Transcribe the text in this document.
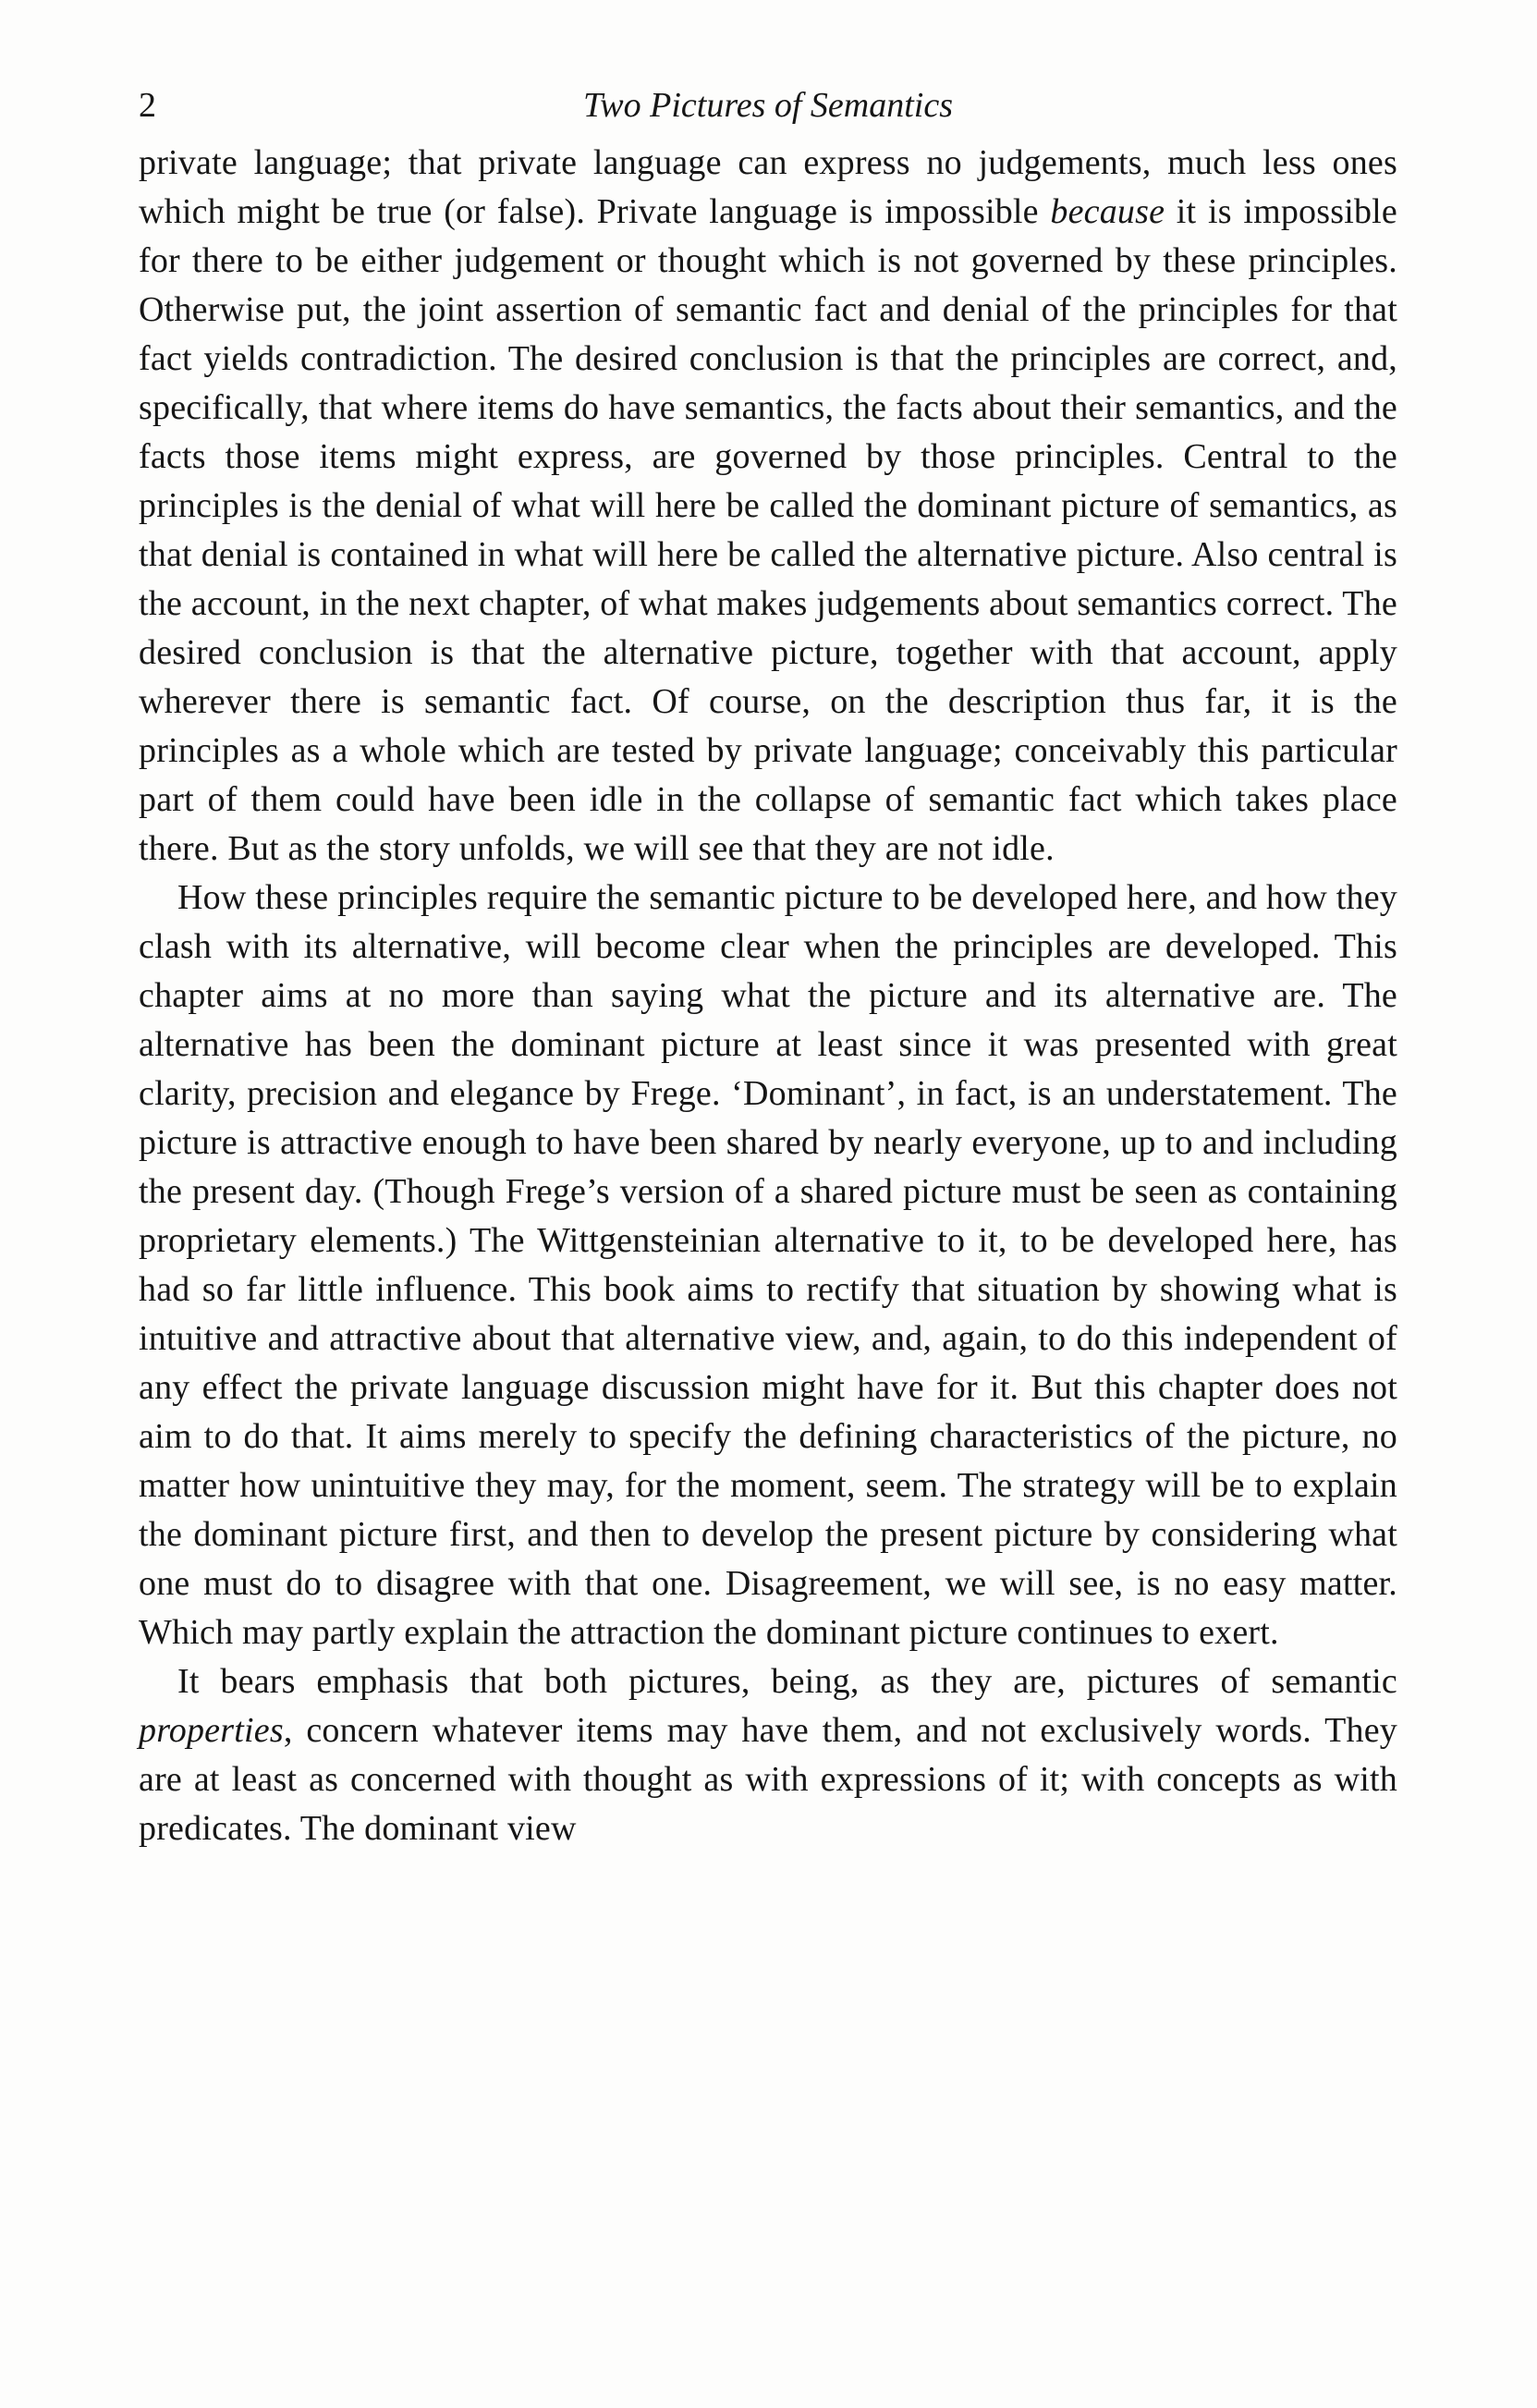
2	Two Pictures of Semantics

private language; that private language can express no judgements, much less ones which might be true (or false). Private language is impossible because it is impossible for there to be either judgement or thought which is not governed by these principles. Otherwise put, the joint assertion of semantic fact and denial of the principles for that fact yields contradiction. The desired conclusion is that the principles are correct, and, specifically, that where items do have semantics, the facts about their semantics, and the facts those items might express, are governed by those principles. Central to the principles is the denial of what will here be called the dominant picture of semantics, as that denial is contained in what will here be called the alternative picture. Also central is the account, in the next chapter, of what makes judgements about semantics correct. The desired conclusion is that the alternative picture, together with that account, apply wherever there is semantic fact. Of course, on the description thus far, it is the principles as a whole which are tested by private language; conceivably this particular part of them could have been idle in the collapse of semantic fact which takes place there. But as the story unfolds, we will see that they are not idle.

How these principles require the semantic picture to be developed here, and how they clash with its alternative, will become clear when the principles are developed. This chapter aims at no more than saying what the picture and its alternative are. The alternative has been the dominant picture at least since it was presented with great clarity, precision and elegance by Frege. ‘Dominant’, in fact, is an understatement. The picture is attractive enough to have been shared by nearly everyone, up to and including the present day. (Though Frege’s version of a shared picture must be seen as containing proprietary elements.) The Wittgensteinian alternative to it, to be developed here, has had so far little influence. This book aims to rectify that situation by showing what is intuitive and attractive about that alternative view, and, again, to do this independent of any effect the private language discussion might have for it. But this chapter does not aim to do that. It aims merely to specify the defining characteristics of the picture, no matter how unintuitive they may, for the moment, seem. The strategy will be to explain the dominant picture first, and then to develop the present picture by considering what one must do to disagree with that one. Disagreement, we will see, is no easy matter. Which may partly explain the attraction the dominant picture continues to exert.

It bears emphasis that both pictures, being, as they are, pictures of semantic properties, concern whatever items may have them, and not exclusively words. They are at least as concerned with thought as with expressions of it; with concepts as with predicates. The dominant view
